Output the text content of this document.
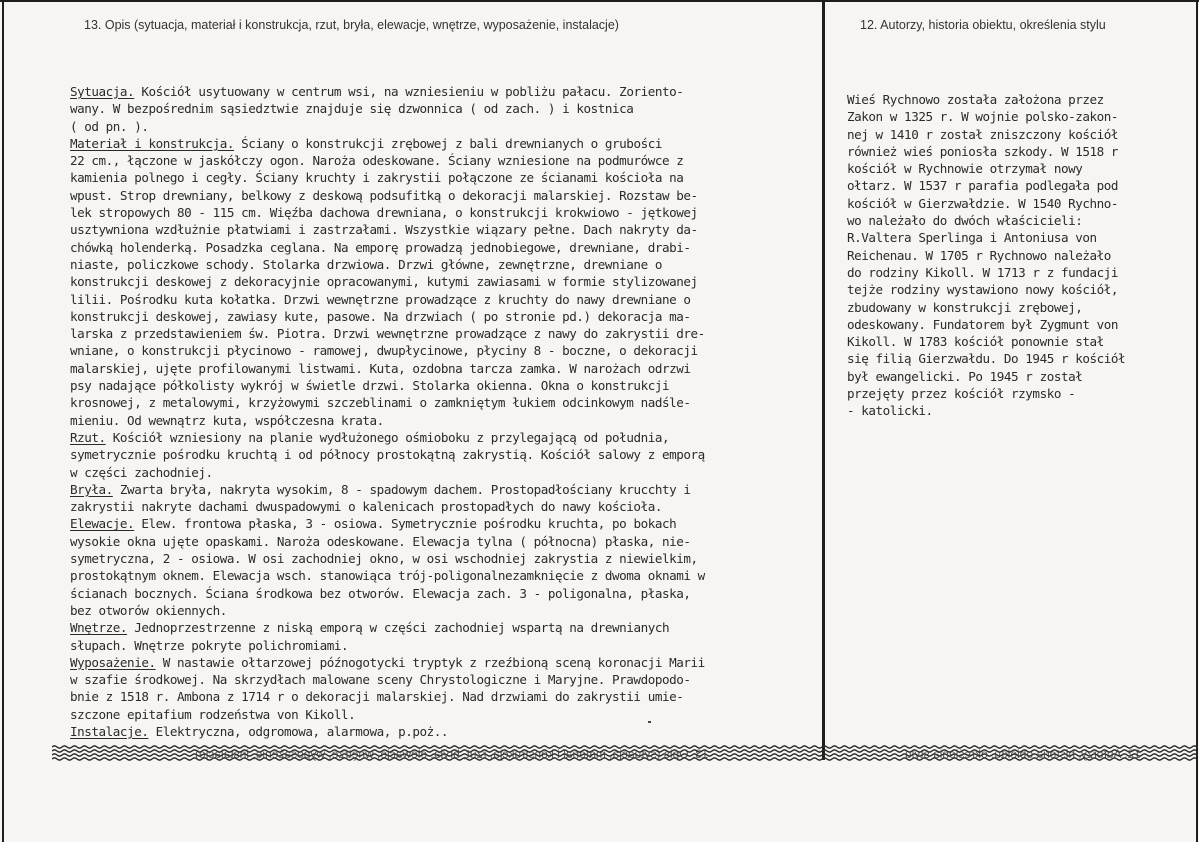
13. Opis (sytuacja, materiał i konstrukcja, rzut, bryła, elewacje, wnętrze, wyposażenie, instalacje)	12. Autorzy, historia obiektu, określenia stylu
Sytuacja. Kościół usytuowany w centrum wsi, na wzniesieniu w pobliżu pałacu. Zoriento-
wany. W bezpośrednim sąsiedztwie znajduje się dzwonnica ( od zach. ) i kostnica
( od pn. ).
Materiał i konstrukcja. Ściany o konstrukcji zrębowej z bali drewnianych o grubości
22 cm., łączone w jaskółczy ogon. Naroża odeskowane. Ściany wzniesione na podmurówce z
kamienia polnego i cegły. Ściany kruchty i zakrystii połączone ze ścianami kościoła na
wpust. Strop drewniany, belkowy z deskową podsufitką o dekoracji malarskiej. Rozstaw be-
lek stropowych 80 - 115 cm. Więźba dachowa drewniana, o konstrukcji krokwiowo - jętkowej
usztywniona wzdłużnie płatwiami i zastrzałami. Wszystkie wiązary pełne. Dach nakryty da-
chówką holenderką. Posadzka ceglana. Na emporę prowadzą jednobiegowe, drewniane, drabi-
niaste, policzkowe schody. Stolarka drzwiowa. Drzwi główne, zewnętrzne, drewniane o
konstrukcji deskowej z dekoracyjnie opracowanymi, kutymi zawiasami w formie stylizowanej
lilii. Pośrodku kuta kołatka. Drzwi wewnętrzne prowadzące z kruchty do nawy drewniane o
konstrukcji deskowej, zawiasy kute, pasowe. Na drzwiach ( po stronie pd.) dekoracja ma-
larska z przedstawieniem św. Piotra. Drzwi wewnętrzne prowadzące z nawy do zakrystii dre-
wniane, o konstrukcji płycinowo - ramowej, dwupłycinowe, płyciny 8 - boczne, o dekoracji
malarskiej, ujęte profilowanymi listwami. Kuta, ozdobna tarcza zamka. W narożach odrzwi
psy nadające półkolisty wykrój w świetle drzwi. Stolarka okienna. Okna o konstrukcji
krosnowej, z metalowymi, krzyżowymi szczeblinami o zamkniętym łukiem odcinkowym nadśle-
mieniu. Od wewnątrz kuta, współczesna krata.
Rzut. Kościół wzniesiony na planie wydłużonego ośmioboku z przylegającą od południa,
symetrycznie pośrodku kruchtą i od północy prostokątną zakrystią. Kościół salowy z emporą
w części zachodniej.
Bryła. Zwarta bryła, nakryta wysokim, 8 - spadowym dachem. Prostopadłościany krucchty i
zakrystii nakryte dachami dwuspadowymi o kalenicach prostopadłych do nawy kościoła.
Elewacje. Elew. frontowa płaska, 3 - osiowa. Symetrycznie pośrodku kruchta, po bokach
wysokie okna ujęte opaskami. Naroża odeskowane. Elewacja tylna ( północna) płaska, nie-
symetryczna, 2 - osiowa. W osi zachodniej okno, w osi wschodniej zakrystia z niewielkim,
prostokątnym oknem. Elewacja wsch. stanowiąca trój-poligonalnezamknięcie z dwoma oknami w
ścianach bocznych. Ściana środkowa bez otworów. Elewacja zach. 3 - poligonalna, płaska,
bez otworów okiennych.
Wnętrze. Jednoprzestrzenne z niską emporą w części zachodniej wspartą na drewnianych
słupach. Wnętrze pokryte polichromiami.
Wyposażenie. W nastawie ołtarzowej późnogotycki tryptyk z rzeźbioną sceną koronacji Marii
w szafie środkowej. Na skrzydłach malowane sceny Chrystologiczne i Maryjne. Prawdopodo-
bnie z 1518 r. Ambona z 1714 r o dekoracji malarskiej. Nad drzwiami do zakrystii umie-
szczone epitafium rodzeństwa von Kikoll.
Instalacje. Elektryczna, odgromowa, alarmowa, p.poż..
Wieś Rychnowo została założona przez
Zakon w 1325 r. W wojnie polsko-zakon-
nej w 1410 r został zniszczony kościół
również wieś poniosła szkody. W 1518 r
kościół w Rychnowie otrzymał nowy
ołtarz. W 1537 r parafia podlegała pod
kościół w Gierzwałdzie. W 1540 Rychno-
wo należało do dwóch właścicieli:
R.Valtera Sperlinga i Antoniusa von
Reichenau. W 1705 r Rychnowo należało
do rodziny Kikoll. W 1713 r z fundacji
tejże rodziny wystawiono nowy kościół,
zbudowany w konstrukcji zrębowej,
odeskowany. Fundatorem był Zygmunt von
Kikoll. W 1783 kościół ponownie stał
się filią Gierzwałdu. Do 1945 r kościół
był ewangelicki. Po 1945 r został
przejęty przez kościół rzymsko -
- katolicki.
13. Opis (sytuacja, materiał i konstrukcja, rzut, bryła, elewacje, wnętrze, wyposażenie, instalacje)	12. Autorzy, historia obiektu, określenia stylu
